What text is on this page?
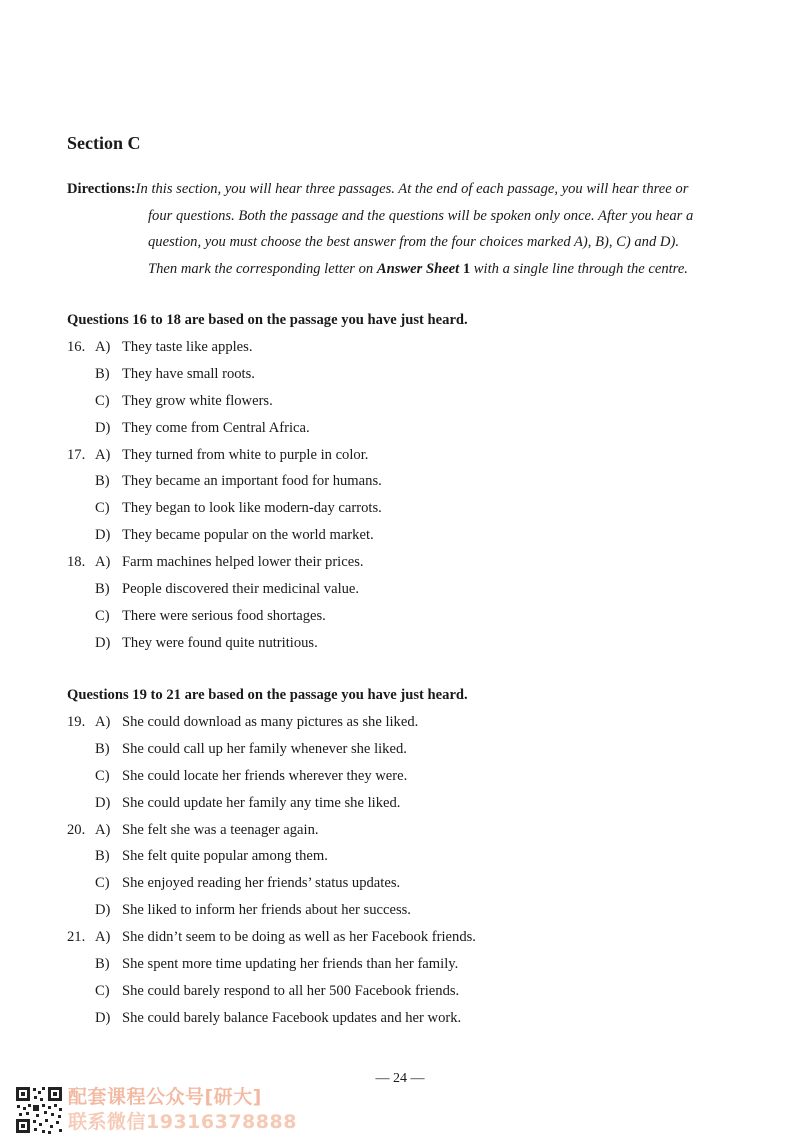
Section C
Directions:In this section, you will hear three passages. At the end of each passage, you will hear three or
four questions. Both the passage and the questions will be spoken only once. After you hear a
question, you must choose the best answer from the four choices marked A), B), C) and D).
Then mark the corresponding letter on Answer Sheet 1 with a single line through the centre.
Questions 16 to 18 are based on the passage you have just heard.
16. A) They taste like apples.
B) They have small roots.
C) They grow white flowers.
D) They come from Central Africa.
17. A) They turned from white to purple in color.
B) They became an important food for humans.
C) They began to look like modern-day carrots.
D) They became popular on the world market.
18. A) Farm machines helped lower their prices.
B) People discovered their medicinal value.
C) There were serious food shortages.
D) They were found quite nutritious.
Questions 19 to 21 are based on the passage you have just heard.
19. A) She could download as many pictures as she liked.
B) She could call up her family whenever she liked.
C) She could locate her friends wherever they were.
D) She could update her family any time she liked.
20. A) She felt she was a teenager again.
B) She felt quite popular among them.
C) She enjoyed reading her friends’ status updates.
D) She liked to inform her friends about her success.
21. A) She didn’t seem to be doing as well as her Facebook friends.
B) She spent more time updating her friends than her family.
C) She could barely respond to all her 500 Facebook friends.
D) She could barely balance Facebook updates and her work.
— 24 —
配套课程公众号[研大]
联系微信19316378888
